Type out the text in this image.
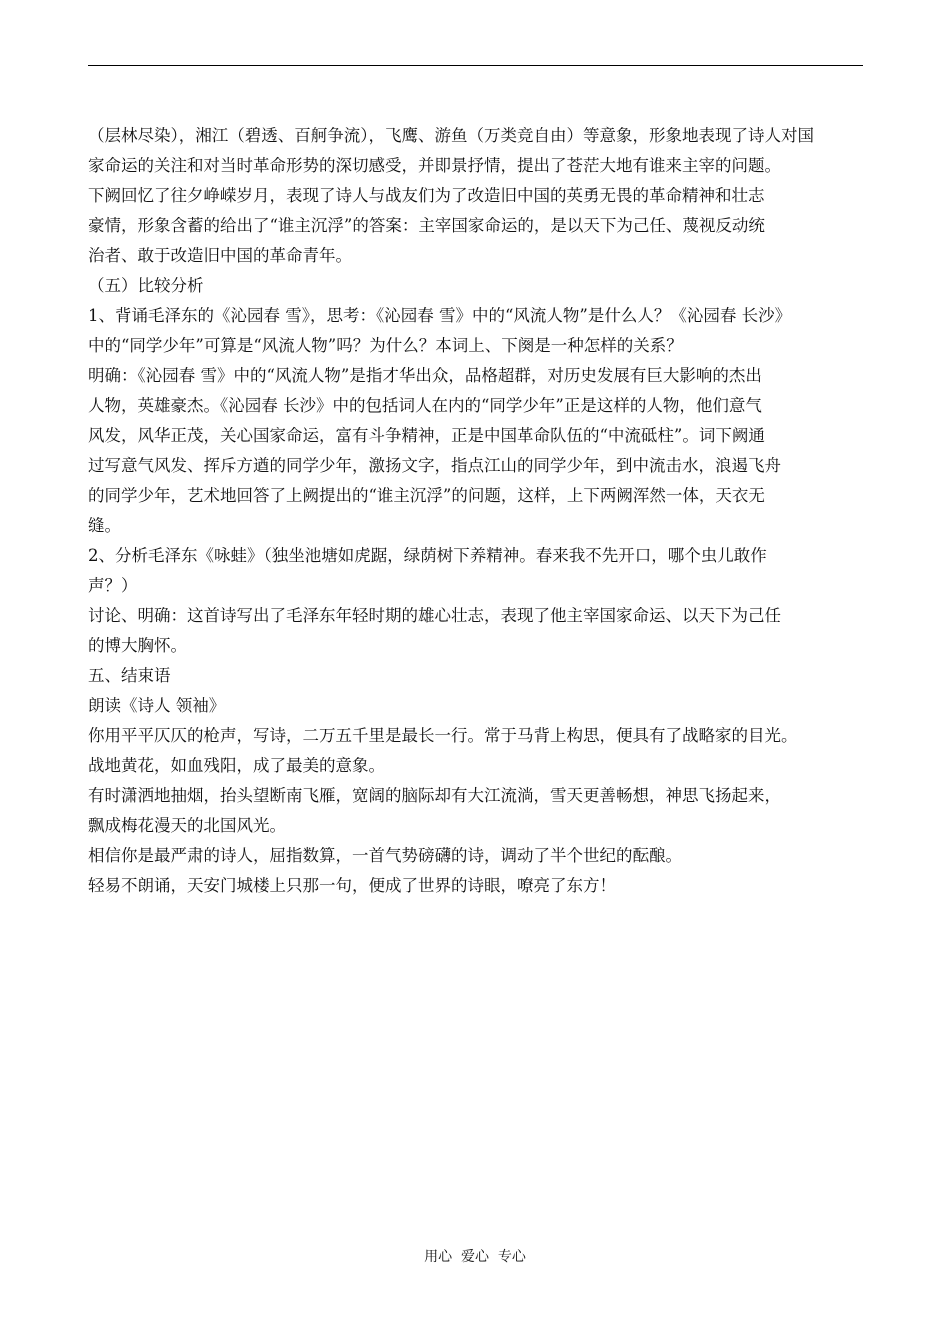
（层林尽染），湘江（碧透、百舸争流），飞鹰、游鱼（万类竞自由）等意象，形象地表现了诗人对国
家命运的关注和对当时革命形势的深切感受，并即景抒情，提出了苍茫大地有谁来主宰的问题。
下阙回忆了往夕峥嵘岁月，表现了诗人与战友们为了改造旧中国的英勇无畏的革命精神和壮志
豪情，形象含蓄的给出了“谁主沉浮”的答案：主宰国家命运的，是以天下为己任、蔑视反动统
治者、敢于改造旧中国的革命青年。
（五）比较分析
1、背诵毛泽东的《沁园春 雪》，思考：《沁园春 雪》中的“风流人物”是什么人？《沁园春 长沙》
中的“同学少年”可算是“风流人物”吗？为什么？本词上、下阕是一种怎样的关系？
明确：《沁园春 雪》中的“风流人物”是指才华出众，品格超群，对历史发展有巨大影响的杰出
人物，英雄豪杰。《沁园春 长沙》中的包括词人在内的“同学少年”正是这样的人物，他们意气
风发，风华正茂，关心国家命运，富有斗争精神，正是中国革命队伍的“中流砥柱”。词下阙通
过写意气风发、挥斥方遒的同学少年，激扬文字，指点江山的同学少年，到中流击水，浪遏飞舟
的同学少年，艺术地回答了上阙提出的“谁主沉浮”的问题，这样，上下两阙浑然一体，天衣无
缝。
2、分析毛泽东《咏蛙》（独坐池塘如虎踞，绿荫树下养精神。春来我不先开口，哪个虫儿敢作
声？）
讨论、明确：这首诗写出了毛泽东年轻时期的雄心壮志，表现了他主宰国家命运、以天下为己任
的博大胸怀。
五、结束语
朗读《诗人 领袖》
你用平平仄仄的枪声，写诗，二万五千里是最长一行。常于马背上构思，便具有了战略家的目光。
战地黄花，如血残阳，成了最美的意象。
有时潇洒地抽烟，抬头望断南飞雁，宽阔的脑际却有大江流淌，雪天更善畅想，神思飞扬起来，
飘成梅花漫天的北国风光。
相信你是最严肃的诗人，屈指数算，一首气势磅礴的诗，调动了半个世纪的酝酿。
轻易不朗诵，天安门城楼上只那一句，便成了世界的诗眼，嘹亮了东方！
用心  爱心  专心
